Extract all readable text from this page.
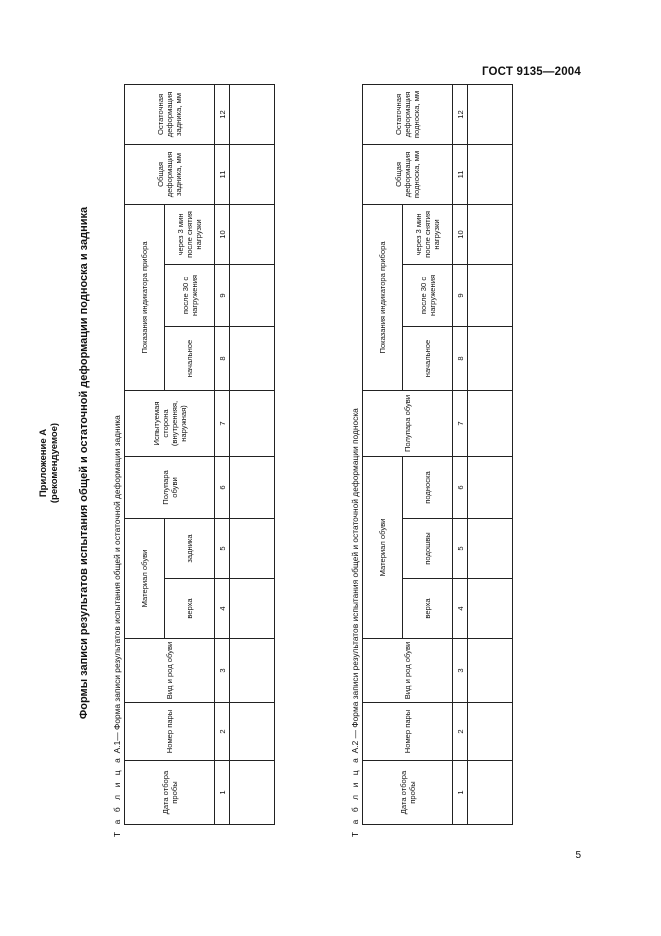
ГОСТ 9135—2004
Приложение А (рекомендуемое) Формы записи результатов испытания общей и остаточной деформации подноска и задника
Т а б л и ц а А.1— Форма записи результатов испытания общей и остаточной деформации задника
Дата отбора пробы	Номер пары	Вид и род обуви	Материал обуви		Полупара обуви	Испытуемая сторона (внутренняя, наружная)	Показания индикатора прибора			Общая деформация задника, мм	Остаточная деформация задника, мм
			верха	задника			начальное	после 30 с нагружения	через 3 мин после снятия нагрузки		
1	2	3	4	5	6	7	8	9	10	11	12

Т а б л и ц а А.2 — Форма записи результатов испытания общей и остаточной деформации подноска
Дата отбора пробы	Номер пары	Вид и род обуви	Материал обуви			Полупара обуви	Показания индикатора прибора			Общая деформация подноска, мм	Остаточная деформация подноска, мм
			верха	подошвы	подноска		начальное	после 30 с нагружения	через 3 мин после снятия нагрузки		
1	2	3	4	5	6	7	8	9	10	11	12

5
